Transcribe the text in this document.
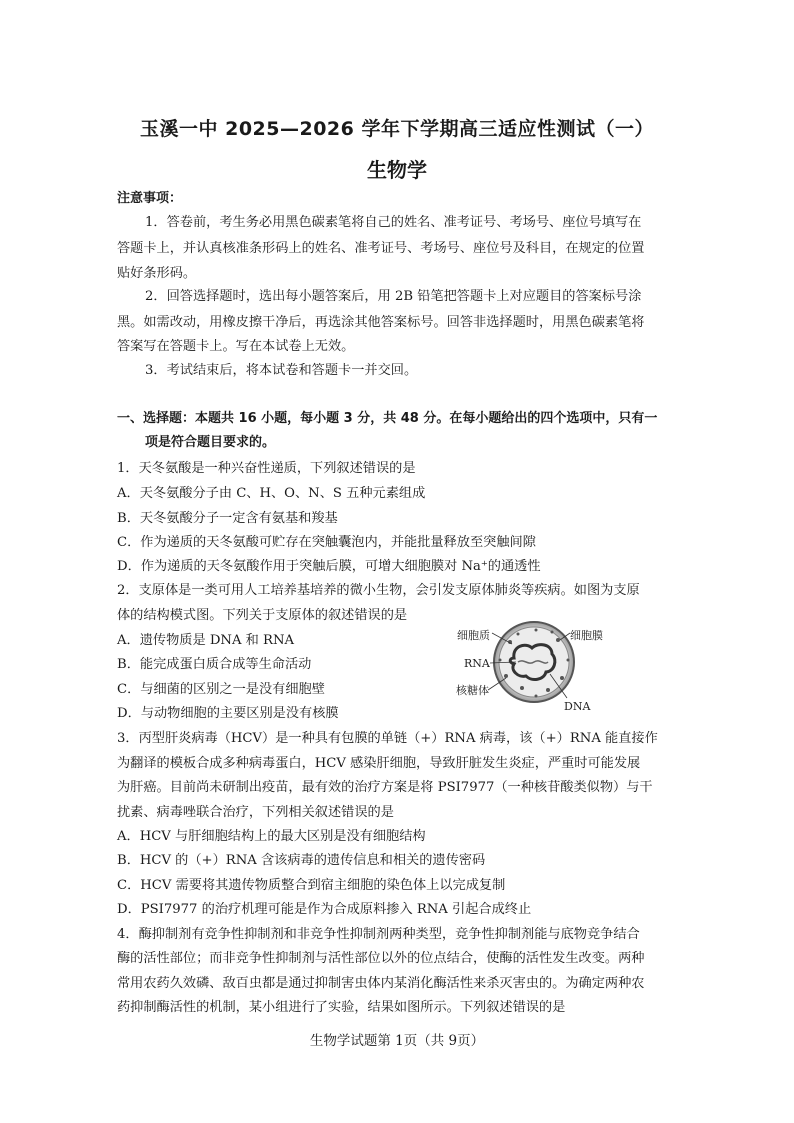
玉溪一中 2025—2026 学年下学期高三适应性测试（一）
生物学
注意事项：
1．答卷前，考生务必用黑色碳素笔将自己的姓名、准考证号、考场号、座位号填写在
答题卡上，并认真核准条形码上的姓名、准考证号、考场号、座位号及科目，在规定的位置
贴好条形码。
2．回答选择题时，选出每小题答案后，用 2B 铅笔把答题卡上对应题目的答案标号涂
黑。如需改动，用橡皮擦干净后，再选涂其他答案标号。回答非选择题时，用黑色碳素笔将
答案写在答题卡上。写在本试卷上无效。
3．考试结束后，将本试卷和答题卡一并交回。
一、选择题：本题共 16 小题，每小题 3 分，共 48 分。在每小题给出的四个选项中，只有一
项是符合题目要求的。
1．天冬氨酸是一种兴奋性递质，下列叙述错误的是
A．天冬氨酸分子由 C、H、O、N、S 五种元素组成
B．天冬氨酸分子一定含有氨基和羧基
C．作为递质的天冬氨酸可贮存在突触囊泡内，并能批量释放至突触间隙
D．作为递质的天冬氨酸作用于突触后膜，可增大细胞膜对 Na⁺的通透性
2．支原体是一类可用人工培养基培养的微小生物，会引发支原体肺炎等疾病。如图为支原
体的结构模式图。下列关于支原体的叙述错误的是
A．遗传物质是 DNA 和 RNA
B．能完成蛋白质合成等生命活动
C．与细菌的区别之一是没有细胞壁
D．与动物细胞的主要区别是没有核膜
细胞质	细胞膜
RNA
核糖体
DNA
3．丙型肝炎病毒（HCV）是一种具有包膜的单链（+）RNA 病毒，该（+）RNA 能直接作
为翻译的模板合成多种病毒蛋白，HCV 感染肝细胞，导致肝脏发生炎症，严重时可能发展
为肝癌。目前尚未研制出疫苗，最有效的治疗方案是将 PSI7977（一种核苷酸类似物）与干
扰素、病毒唑联合治疗，下列相关叙述错误的是
A．HCV 与肝细胞结构上的最大区别是没有细胞结构
B．HCV 的（+）RNA 含该病毒的遗传信息和相关的遗传密码
C．HCV 需要将其遗传物质整合到宿主细胞的染色体上以完成复制
D．PSI7977 的治疗机理可能是作为合成原料掺入 RNA 引起合成终止
4．酶抑制剂有竞争性抑制剂和非竞争性抑制剂两种类型，竞争性抑制剂能与底物竞争结合
酶的活性部位；而非竞争性抑制剂与活性部位以外的位点结合，使酶的活性发生改变。两种
常用农药久效磷、敌百虫都是通过抑制害虫体内某消化酶活性来杀灭害虫的。为确定两种农
药抑制酶活性的机制，某小组进行了实验，结果如图所示。下列叙述错误的是
生物学试题第 1页（共 9页）
